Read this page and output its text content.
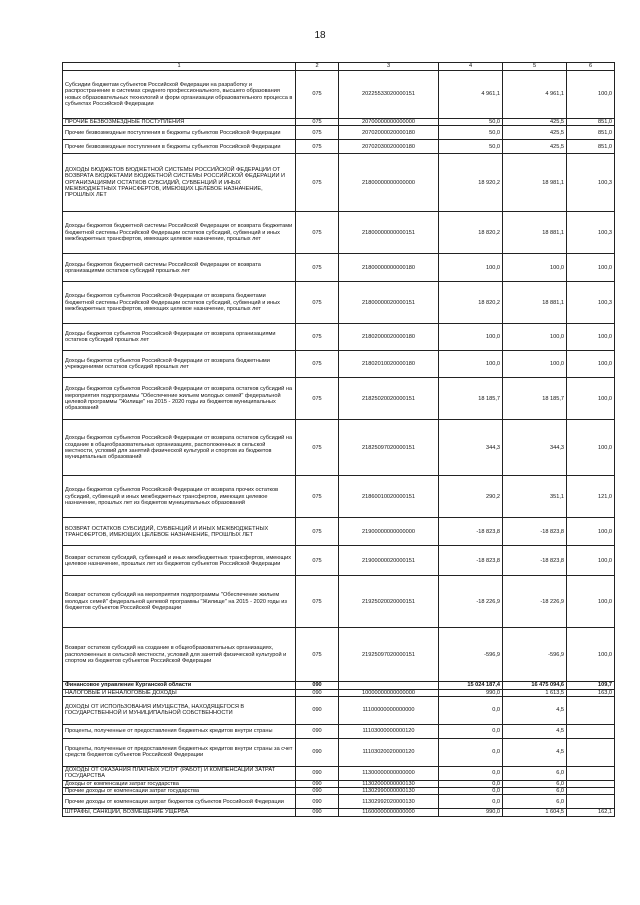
18
1	2	3	4	5	6
Субсидии бюджетам субъектов Российской Федерации на разработку и распространение в системах среднего профессионального, высшего образования новых образовательных технологий и форм организации образовательного процесса в субъектах Российской Федерации	075	20225533020000151	4 961,1	4 961,1	100,0
ПРОЧИЕ БЕЗВОЗМЕЗДНЫЕ ПОСТУПЛЕНИЯ	075	20700000000000000	50,0	425,5	851,0
Прочие безвозмездные поступления в бюджеты субъектов Российской Федерации	075	20702000020000180	50,0	425,5	851,0
Прочие безвозмездные поступления в бюджеты субъектов Российской Федерации	075	20702030020000180	50,0	425,5	851,0
ДОХОДЫ БЮДЖЕТОВ БЮДЖЕТНОЙ СИСТЕМЫ РОССИЙСКОЙ ФЕДЕРАЦИИ ОТ ВОЗВРАТА БЮДЖЕТАМИ БЮДЖЕТНОЙ СИСТЕМЫ РОССИЙСКОЙ ФЕДЕРАЦИИ И ОРГАНИЗАЦИЯМИ ОСТАТКОВ СУБСИДИЙ, СУБВЕНЦИЙ И ИНЫХ МЕЖБЮДЖЕТНЫХ ТРАНСФЕРТОВ, ИМЕЮЩИХ ЦЕЛЕВОЕ НАЗНАЧЕНИЕ, ПРОШЛЫХ ЛЕТ	075	21800000000000000	18 920,2	18 981,1	100,3
Доходы бюджетов бюджетной системы Российской Федерации от возврата бюджетами бюджетной системы Российской Федерации остатков субсидий, субвенций и иных межбюджетных трансфертов, имеющих целевое назначение, прошлых лет	075	21800000000000151	18 820,2	18 881,1	100,3
Доходы бюджетов бюджетной системы Российской Федерации от возврата организациями остатков субсидий прошлых лет	075	21800000000000180	100,0	100,0	100,0
Доходы бюджетов субъектов Российской Федерации от возврата бюджетами бюджетной системы Российской Федерации остатков субсидий, субвенций и иных межбюджетных трансфертов, имеющих целевое назначение, прошлых лет	075	21800000020000151	18 820,2	18 881,1	100,3
Доходы бюджетов субъектов Российской Федерации от возврата организациями остатков субсидий прошлых лет	075	21802000020000180	100,0	100,0	100,0
Доходы бюджетов субъектов Российской Федерации от возврата бюджетными учреждениями остатков субсидий прошлых лет	075	21802010020000180	100,0	100,0	100,0
Доходы бюджетов субъектов Российской Федерации от возврата остатков субсидий на мероприятия подпрограммы "Обеспечение жильем молодых семей" федеральной целевой программы "Жилище" на 2015 - 2020 годы из бюджетов муниципальных образований	075	21825020020000151	18 185,7	18 185,7	100,0
Доходы бюджетов субъектов Российской Федерации от возврата остатков субсидий на создание в общеобразовательных организациях, расположенных в сельской местности, условий для занятий физической культурой и спортом из бюджетов муниципальных образований	075	21825097020000151	344,3	344,3	100,0
Доходы бюджетов субъектов Российской Федерации от возврата прочих остатков субсидий, субвенций и иных межбюджетных трансфертов, имеющих целевое назначение, прошлых лет из бюджетов муниципальных образований	075	21860010020000151	290,2	351,1	121,0
ВОЗВРАТ ОСТАТКОВ СУБСИДИЙ, СУБВЕНЦИЙ И ИНЫХ МЕЖБЮДЖЕТНЫХ ТРАНСФЕРТОВ, ИМЕЮЩИХ ЦЕЛЕВОЕ НАЗНАЧЕНИЕ, ПРОШЛЫХ ЛЕТ	075	21900000000000000	-18 823,8	-18 823,8	100,0
Возврат остатков субсидий, субвенций и иных межбюджетных трансфертов, имеющих целевое назначение, прошлых лет из бюджетов субъектов Российской Федерации	075	21900000020000151	-18 823,8	-18 823,8	100,0
Возврат остатков субсидий на мероприятия подпрограммы "Обеспечение жильем молодых семей" федеральной целевой программы "Жилище" на 2015 - 2020 годы из бюджетов субъектов Российской Федерации	075	21925020020000151	-18 226,9	-18 226,9	100,0
Возврат остатков субсидий на создание в общеобразовательных организациях, расположенных в сельской местности, условий для занятий физической культурой и спортом из бюджетов субъектов Российской Федерации	075	21925097020000151	-596,9	-596,9	100,0
Финансовое управление Курганской области	090		15 024 187,4	16 475 094,6	109,7
НАЛОГОВЫЕ И НЕНАЛОГОВЫЕ ДОХОДЫ	090	10000000000000000	990,0	1 613,5	163,0
ДОХОДЫ ОТ ИСПОЛЬЗОВАНИЯ ИМУЩЕСТВА, НАХОДЯЩЕГОСЯ В ГОСУДАРСТВЕННОЙ И МУНИЦИПАЛЬНОЙ СОБСТВЕННОСТИ	090	11100000000000000	0,0	4,5	
Проценты, полученные от предоставления бюджетных кредитов внутри страны	090	11103000000000120	0,0	4,5	
Проценты, полученные от предоставления бюджетных кредитов внутри страны за счет средств бюджетов субъектов Российской Федерации	090	11103020020000120	0,0	4,5	
ДОХОДЫ ОТ ОКАЗАНИЯ ПЛАТНЫХ УСЛУГ (РАБОТ) И КОМПЕНСАЦИИ ЗАТРАТ ГОСУДАРСТВА	090	11300000000000000	0,0	6,0	
Доходы от компенсации затрат государства	090	11302000000000130	0,0	6,0	
Прочие доходы от компенсации затрат государства	090	11302990000000130	0,0	6,0	
Прочие доходы от компенсации затрат бюджетов субъектов Российской Федерации	090	11302992020000130	0,0	6,0	
ШТРАФЫ, САНКЦИИ, ВОЗМЕЩЕНИЕ УЩЕРБА	090	11600000000000000	990,0	1 604,5	162,1
